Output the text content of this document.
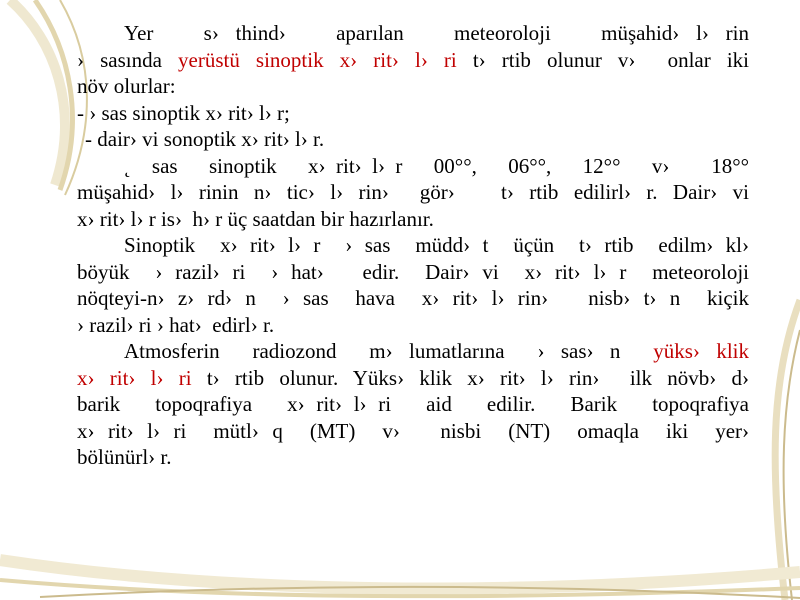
Yer   s› thind›   aparılan   meteoroloji   müşahid› l› rin
› sasında yerüstü sinoptik x› rit› l› ri t› rtib olunur v›  onlar iki
növ olurlar:
- › sas sinoptik x› rit› l› r;
- dair› vi sonoptik x› rit› l› r.
˛  sas   sinoptik   x› rit› l› r   00°°,   06°°,   12°°   v›    18°°
müşahid› l› rinin n› tic› l› rin›  gör›   t› rtib edilirl› r. Dair› vi
x› rit› l› r is›  h› r üç saatdan bir hazırlanır.
Sinoptik  x› rit› l› r  › sas  müdd› t  üçün  t› rtib  edilm› kl›
böyük  › razil› ri  › hat›   edir.  Dair› vi  x› rit› l› r  meteoroloji
nöqteyi-n› z› rd› n  › sas  hava  x› rit› l› rin›   nisb› t› n  kiçik
› razil› ri › hat›  edirl› r.
Atmosferin  radiozond  m› lumatlarına  › sas› n  yüks› klik
x› rit› l› ri t› rtib olunur. Yüks› klik x› rit› l› rin›  ilk növb› d›
barik   topoqrafiya   x› rit› l› ri   aid   edilir.   Barik   topoqrafiya
x› rit› l› ri  mütl› q  (MT)  v›   nisbi  (NT)  omaqla  iki  yer›
bölünürl› r.
